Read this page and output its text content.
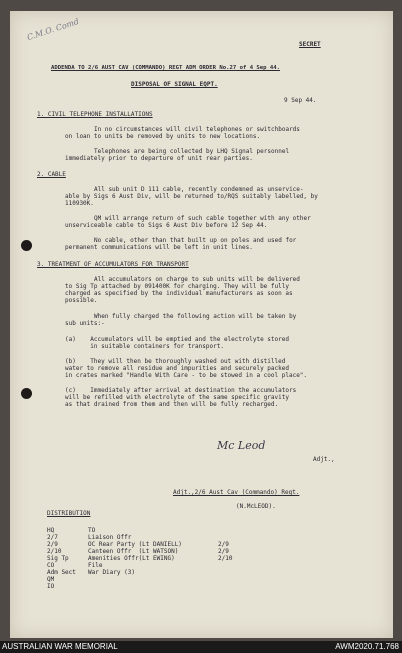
C.M.O. Comd
SECRET
ADDENDA TO 2/6 AUST CAV (COMMANDO) REGT ADM ORDER No.27 of 4 Sep 44.
DISPOSAL OF SIGNAL EQPT.
9 Sep 44.
1. CIVIL TELEPHONE INSTALLATIONS
In no circumstances will civil telephones or switchboards
on loan to units be removed by units to new locations.
Telephones are being collected by LHQ Signal personnel
immediately prior to departure of unit rear parties.
2. CABLE
All sub unit D 111 cable, recently condemned as unservice-
able by Sigs 6 Aust Div, will be returned to/RQS suitably labelled, by
110930K.
QM will arrange return of such cable together with any other
unserviceable cable to Sigs 6 Aust Div before 12 Sep 44.
No cable, other than that built up on poles and used for
permanent communications will be left in unit lines.
3. TREATMENT OF ACCUMULATORS FOR TRANSPORT
All accumulators on charge to sub units will be delivered
to Sig Tp attached by 091400K for charging. They will be fully
charged as specified by the individual manufacturers as soon as
possible.
When fully charged the following action will be taken by
sub units:-
(a)    Accumulators will be emptied and the electrolyte stored
in suitable containers for transport.
(b)    They will then be thoroughly washed out with distilled
water to remove all residue and impurities and securely packed
in crates marked "Handle With Care - to be stowed in a cool place".
(c)    Immediately after arrival at destination the accumulators
will be refilled with electrolyte of the same specific gravity
as that drained from them and then will be fully recharged.
Mc Leod
Adjt.,
Adjt.,2/6 Aust Cav (Commando) Regt.
(N.McLEOD).
DISTRIBUTION
HQ	TO
2/7	Liaison Offr
2/9	OC Rear Party (Lt DANIELL)	2/9
2/10	Canteen Offr  (Lt WATSON)	2/9
Sig Tp	Amenities Offr(Lt EWING)	2/10
CO	File
Adm Sect War Diary (3)
QM
IO
AUSTRALIAN WAR MEMORIAL	AWM2020.71.768
